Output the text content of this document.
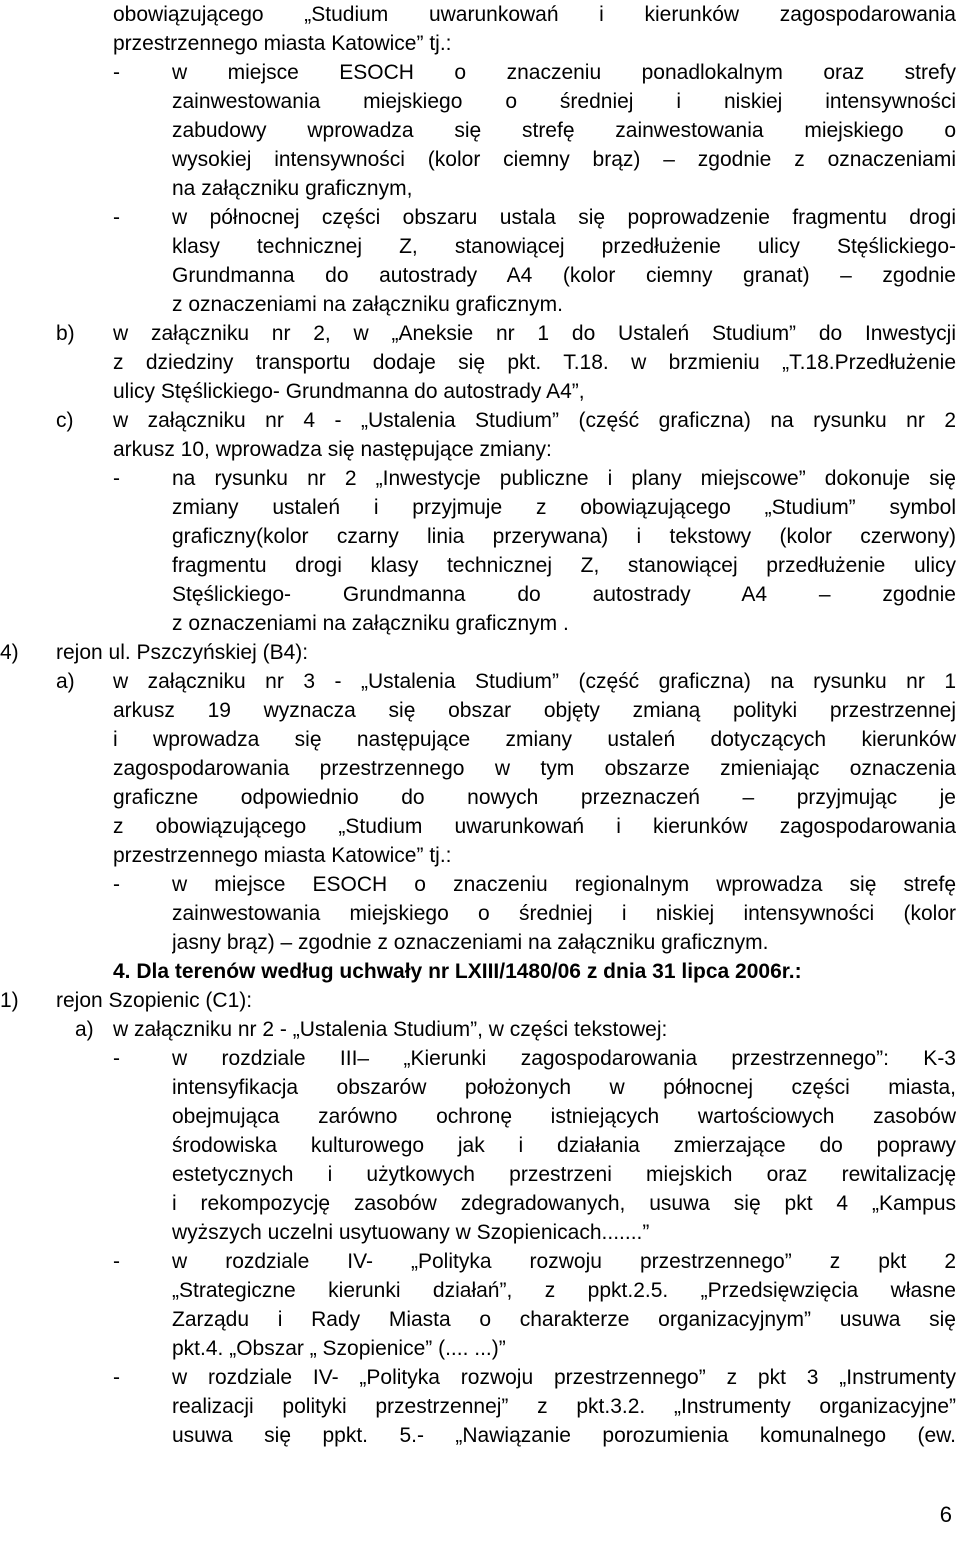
obowiązującego „Studium uwarunkowań i kierunków zagospodarowania
przestrzennego miasta Katowice” tj.:
- w miejsce ESOCH o znaczeniu ponadlokalnym oraz strefy
zainwestowania miejskiego o średniej i niskiej intensywności
zabudowy wprowadza się strefę zainwestowania miejskiego o
wysokiej intensywności (kolor ciemny brąz) – zgodnie z oznaczeniami
na załączniku graficznym,
- w północnej części obszaru ustala się poprowadzenie fragmentu drogi
klasy technicznej Z, stanowiącej przedłużenie ulicy Stęślickiego-
Grundmanna do autostrady A4 (kolor ciemny granat) – zgodnie
z oznaczeniami na załączniku graficznym.
b) w załączniku nr 2, w „Aneksie nr 1 do Ustaleń Studium” do Inwestycji
z dziedziny transportu dodaje się pkt. T.18. w brzmieniu „T.18.Przedłużenie
ulicy Stęślickiego- Grundmanna do autostrady A4”,
c) w załączniku nr 4 - „Ustalenia Studium” (część graficzna) na rysunku nr 2
arkusz 10, wprowadza się następujące zmiany:
- na rysunku nr 2 „Inwestycje publiczne i plany miejscowe” dokonuje się
zmiany ustaleń i przyjmuje z obowiązującego „Studium” symbol
graficzny(kolor czarny linia przerywana) i tekstowy (kolor czerwony)
fragmentu drogi klasy technicznej Z, stanowiącej przedłużenie ulicy
Stęślickiego- Grundmanna do autostrady A4 – zgodnie
z oznaczeniami na załączniku graficznym .
4) rejon ul. Pszczyńskiej (B4):
a) w załączniku nr 3 - „Ustalenia Studium” (część graficzna) na rysunku nr 1
arkusz 19 wyznacza się obszar objęty zmianą polityki przestrzennej
i wprowadza się następujące zmiany ustaleń dotyczących kierunków
zagospodarowania przestrzennego w tym obszarze zmieniając oznaczenia
graficzne odpowiednio do nowych przeznaczeń – przyjmując je
z obowiązującego „Studium uwarunkowań i kierunków zagospodarowania
przestrzennego miasta Katowice” tj.:
- w miejsce ESOCH o znaczeniu regionalnym wprowadza się strefę
zainwestowania miejskiego o średniej i niskiej intensywności (kolor
jasny brąz) – zgodnie z oznaczeniami na załączniku graficznym.
4. Dla terenów według uchwały nr LXIII/1480/06 z dnia 31 lipca 2006r.:
1) rejon Szopienic (C1):
a) w załączniku nr 2 - „Ustalenia Studium”, w części tekstowej:
- w rozdziale III– „Kierunki zagospodarowania przestrzennego”: K-3
intensyfikacja obszarów położonych w północnej części miasta,
obejmująca zarówno ochronę istniejących wartościowych zasobów
środowiska kulturowego jak i działania zmierzające do poprawy
estetycznych i użytkowych przestrzeni miejskich oraz rewitalizację
i rekompozycję zasobów zdegradowanych, usuwa się pkt 4 „Kampus
wyższych uczelni usytuowany w Szopienicach.......”
- w rozdziale IV- „Polityka rozwoju przestrzennego” z pkt 2
„Strategiczne kierunki działań”, z ppkt.2.5. „Przedsięwzięcia własne
Zarządu i Rady Miasta o charakterze organizacyjnym” usuwa się
pkt.4. „Obszar „ Szopienice” (.... ...)”
- w rozdziale IV- „Polityka rozwoju przestrzennego” z pkt 3 „Instrumenty
realizacji polityki przestrzennej” z pkt.3.2. „Instrumenty organizacyjne”
usuwa się ppkt. 5.- „Nawiązanie porozumienia komunalnego (ew.
6
